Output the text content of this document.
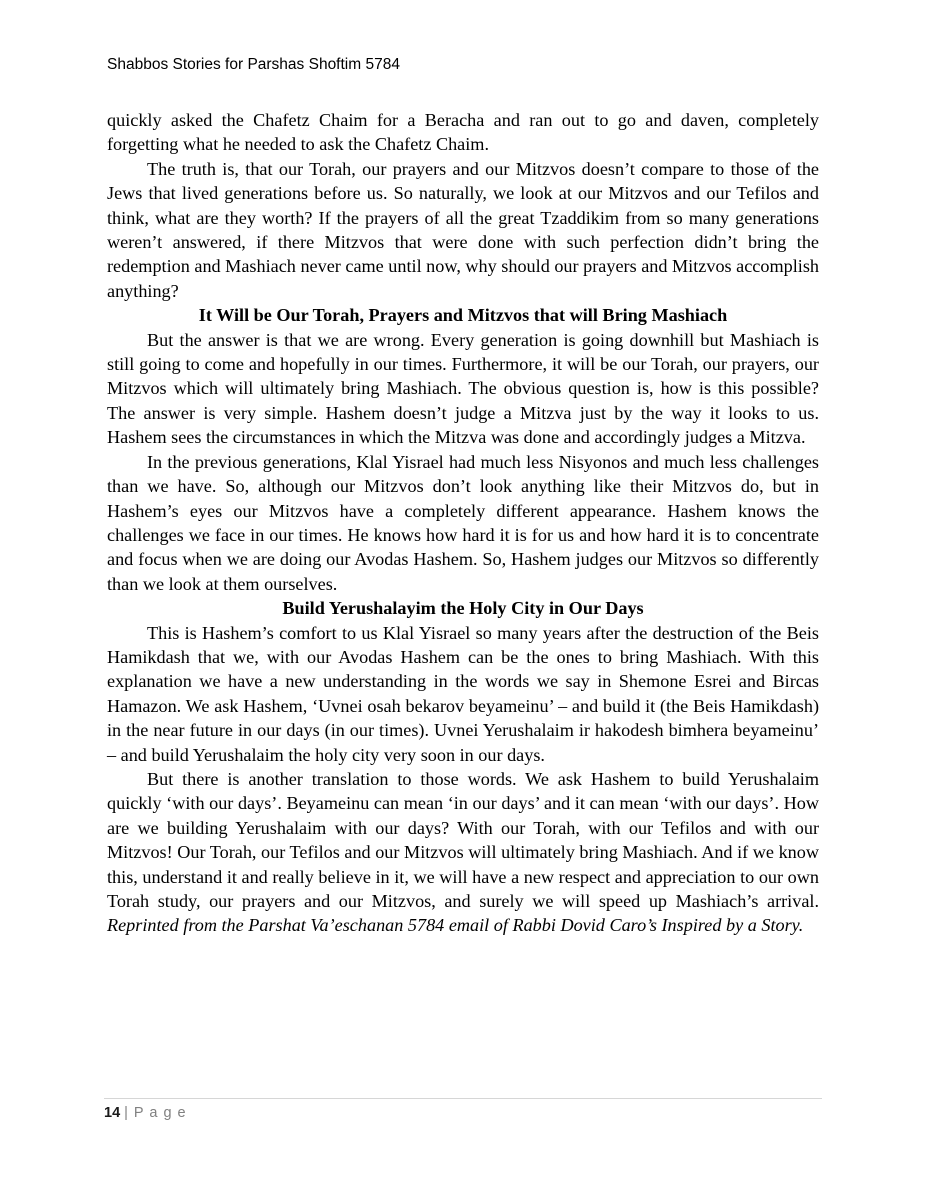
Shabbos Stories for Parshas Shoftim 5784

quickly asked the Chafetz Chaim for a Beracha and ran out to go and daven, completely forgetting what he needed to ask the Chafetz Chaim.

The truth is, that our Torah, our prayers and our Mitzvos doesn’t compare to those of the Jews that lived generations before us. So naturally, we look at our Mitzvos and our Tefilos and think, what are they worth? If the prayers of all the great Tzaddikim from so many generations weren’t answered, if there Mitzvos that were done with such perfection didn’t bring the redemption and Mashiach never came until now, why should our prayers and Mitzvos accomplish anything?

It Will be Our Torah, Prayers and Mitzvos that will Bring Mashiach

But the answer is that we are wrong. Every generation is going downhill but Mashiach is still going to come and hopefully in our times. Furthermore, it will be our Torah, our prayers, our Mitzvos which will ultimately bring Mashiach. The obvious question is, how is this possible? The answer is very simple. Hashem doesn’t judge a Mitzva just by the way it looks to us. Hashem sees the circumstances in which the Mitzva was done and accordingly judges a Mitzva.

In the previous generations, Klal Yisrael had much less Nisyonos and much less challenges than we have. So, although our Mitzvos don’t look anything like their Mitzvos do, but in Hashem’s eyes our Mitzvos have a completely different appearance. Hashem knows the challenges we face in our times. He knows how hard it is for us and how hard it is to concentrate and focus when we are doing our Avodas Hashem. So, Hashem judges our Mitzvos so differently than we look at them ourselves.

Build Yerushalayim the Holy City in Our Days

This is Hashem’s comfort to us Klal Yisrael so many years after the destruction of the Beis Hamikdash that we, with our Avodas Hashem can be the ones to bring Mashiach. With this explanation we have a new understanding in the words we say in Shemone Esrei and Bircas Hamazon. We ask Hashem, ‘Uvnei osah bekarov beyameinu’ – and build it (the Beis Hamikdash) in the near future in our days (in our times). Uvnei Yerushalaim ir hakodesh bimhera beyameinu’ – and build Yerushalaim the holy city very soon in our days.

But there is another translation to those words. We ask Hashem to build Yerushalaim quickly ‘with our days’. Beyameinu can mean ‘in our days’ and it can mean ‘with our days’. How are we building Yerushalaim with our days? With our Torah, with our Tefilos and with our Mitzvos! Our Torah, our Tefilos and our Mitzvos will ultimately bring Mashiach. And if we know this, understand it and really believe in it, we will have a new respect and appreciation to our own Torah study, our prayers and our Mitzvos, and surely we will speed up Mashiach’s arrival. Reprinted from the Parshat Va’eschanan 5784 email of Rabbi Dovid Caro’s Inspired by a Story.

14 | P a g e
